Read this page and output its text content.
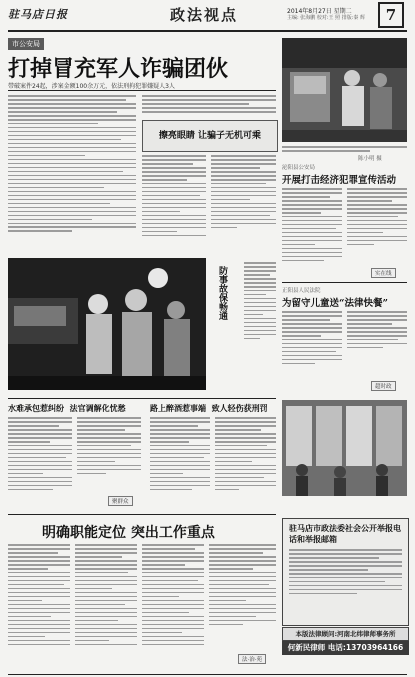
驻马店日报	政法视点	2014年8月27日 星期二
主编: 张海鹏 校对:王 照 排版:秦 辉	7
市公安局
打掉冒充军人诈骗团伙
带破案件24起，涉案金额100余万元，依法刑拘犯罪嫌疑人3人
擦亮眼睛 让骗子无机可乘
陈小明 摄
泌阳县公安局
开展打击经济犯罪宣传活动
实在线
防事故保畅通	正阳县人民法院
为留守儿童送“法律快餐”
超时政
水难承包惹纠纷 法官调解化忧愁	路上醉酒惹事端 致人轻伤获刑罚
聚群众
明确职能定位 突出工作重点
法·治·苑
驻马店市政法委社会公开举报电话和举报邮箱
本版法律顾问:河南北纬律师事务所
何新民律师 电话:13703964166
